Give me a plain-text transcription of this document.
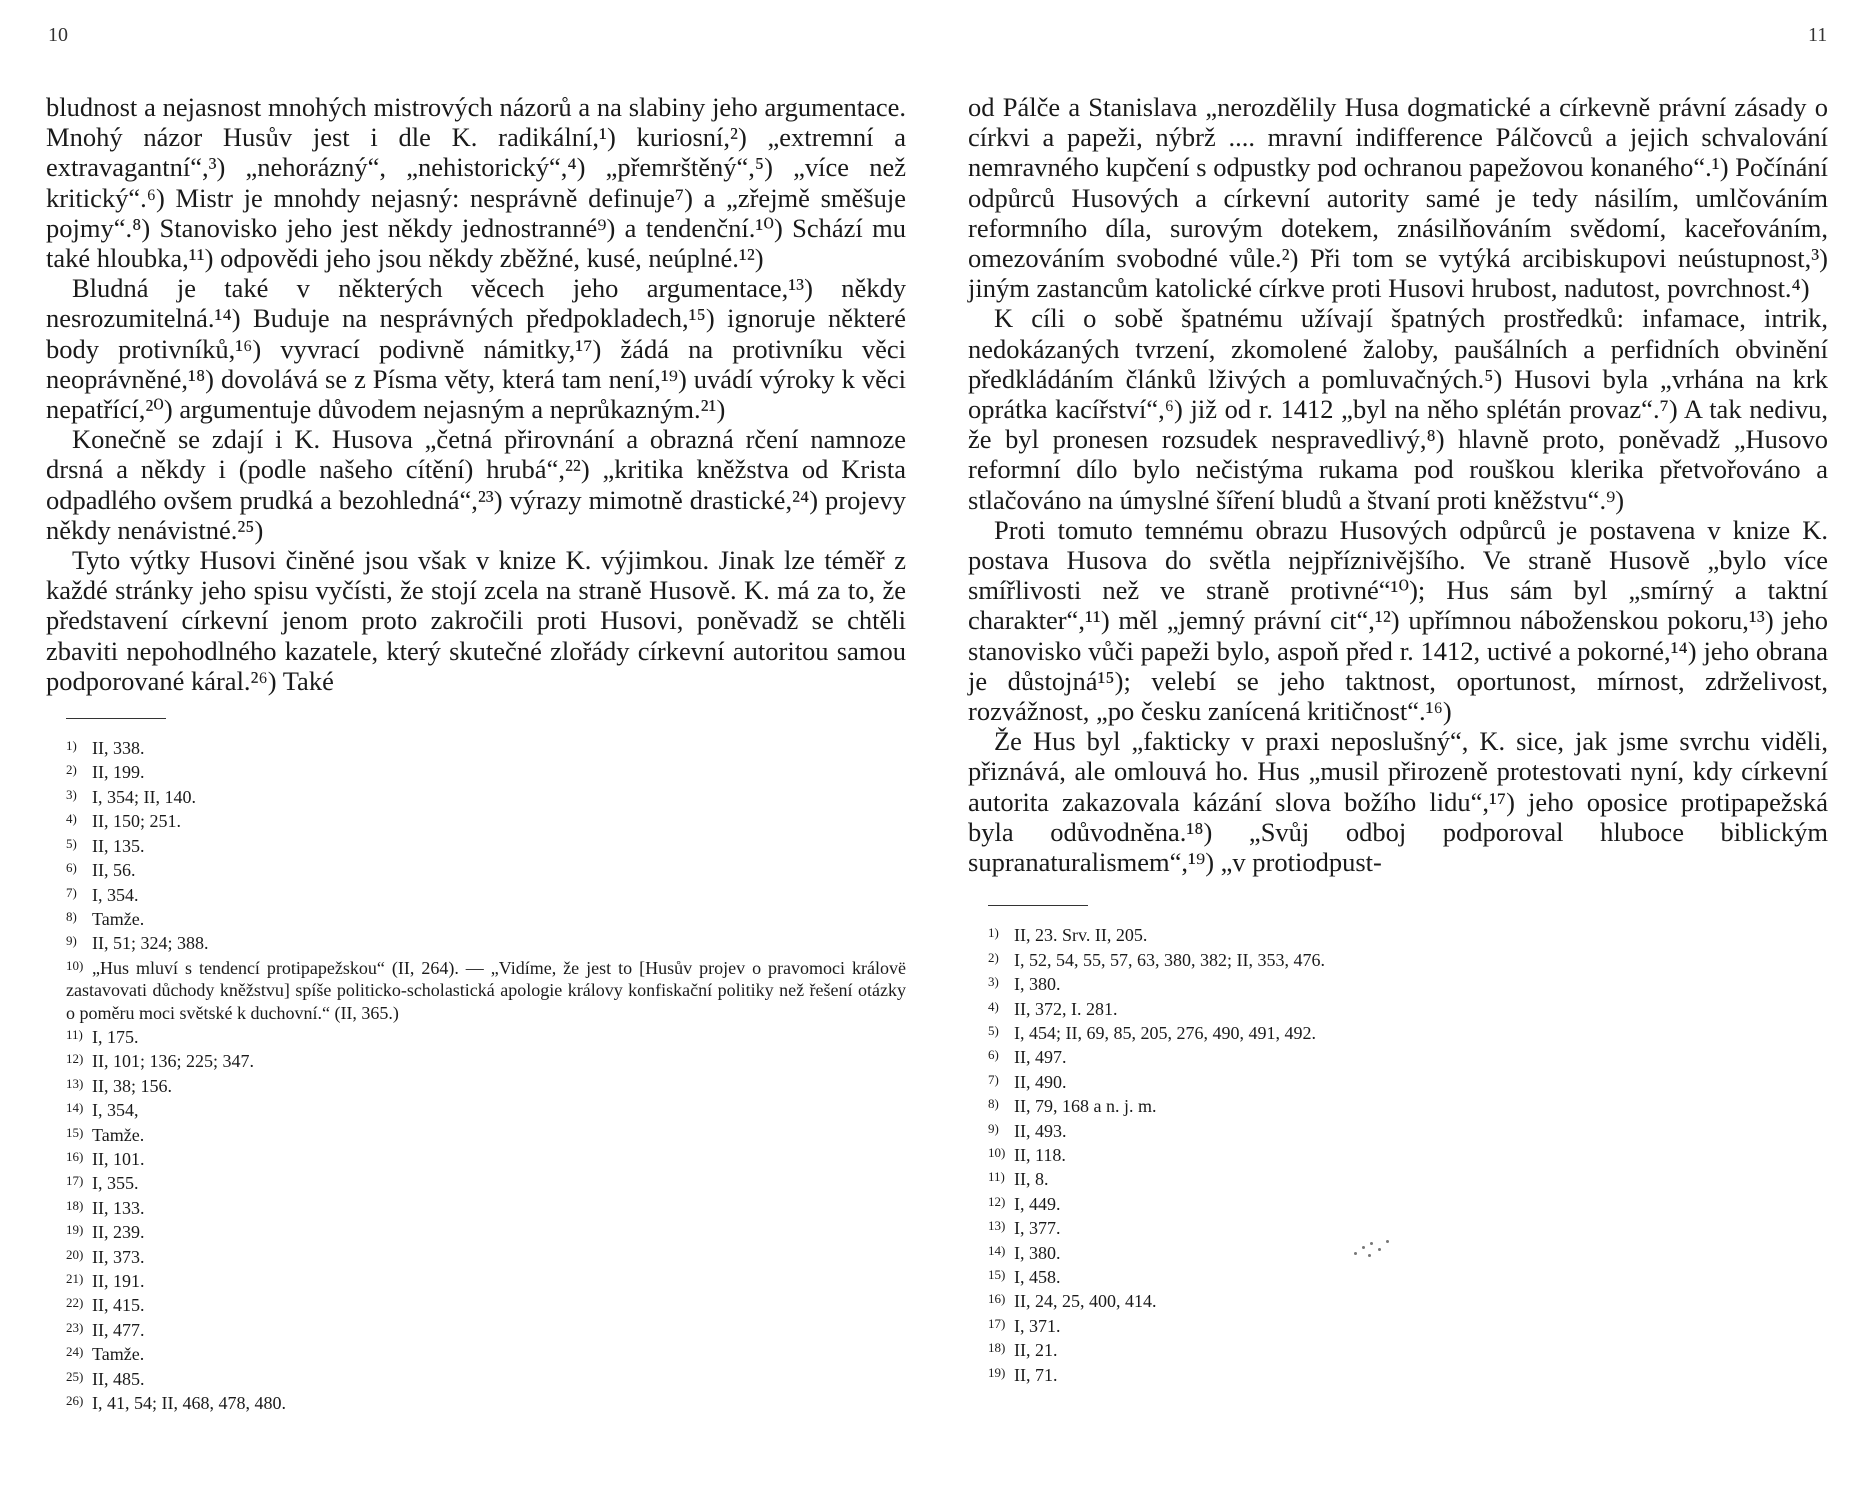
10	11

bludnost a nejasnost mnohých mistrových názorů a na slabiny jeho argumentace. Mnohý názor Husův jest i dle K. radikální,¹) kuriosní,²) „extremní a extravagantní“,³) „nehorázný“, „nehistorický“,⁴) „přemrštěný“,⁵) „více než kritický“.⁶) Mistr je mnohdy nejasný: nesprávně definuje⁷) a „zřejmě směšuje pojmy“.⁸) Stanovisko jeho jest někdy jednostranné⁹) a tendenční.¹⁰) Schází mu také hloubka,¹¹) odpovědi jeho jsou někdy zběžné, kusé, neúplné.¹²)

Bludná je také v některých věcech jeho argumentace,¹³) někdy nesrozumitelná.¹⁴) Buduje na nesprávných předpokladech,¹⁵) ignoruje některé body protivníků,¹⁶) vyvrací podivně námitky,¹⁷) žádá na protivníku věci neoprávněné,¹⁸) dovolává se z Písma věty, která tam není,¹⁹) uvádí výroky k věci nepatřící,²⁰) argumentuje důvodem nejasným a neprůkazným.²¹)

Konečně se zdají i K. Husova „četná přirovnání a obrazná rčení namnoze drsná a někdy i (podle našeho cítění) hrubá“,²²) „kritika kněžstva od Krista odpadlého ovšem prudká a bezohledná“,²³) výrazy mimotně drastické,²⁴) projevy někdy nenávistné.²⁵)

Tyto výtky Husovi činěné jsou však v knize K. výjimkou. Jinak lze téměř z každé stránky jeho spisu vyčísti, že stojí zcela na straně Husově. K. má za to, že představení církevní jenom proto zakročili proti Husovi, poněvadž se chtěli zbaviti nepohodlného kazatele, který skutečné zlořády církevní autoritou samou podporované káral.²⁶) Také

1) II, 338.
2) II, 199.
3) I, 354; II, 140.
4) II, 150; 251.
5) II, 135.
6) II, 56.
7) I, 354.
8) Tamže.
9) II, 51; 324; 388.
10) „Hus mluví s tendencí protipapežskou“ (II, 264). — „Vidíme, že jest to [Husův projev o pravomoci královë zastavovati důchody kněžstvu] spíše politicko-scholastická apologie královy konfiskační politiky než řešení otázky o poměru moci světské k duchovní.“ (II, 365.)
11) I, 175.
12) II, 101; 136; 225; 347.
13) II, 38; 156.
14) I, 354,
15) Tamže.
16) II, 101.
17) I, 355.
18) II, 133.
19) II, 239.
20) II, 373.
21) II, 191.
22) II, 415.
23) II, 477.
24) Tamže.
25) II, 485.
26) I, 41, 54; II, 468, 478, 480.

od Pálče a Stanislava „nerozdělily Husa dogmatické a církevně právní zásady o církvi a papeži, nýbrž .... mravní indifference Pálčovců a jejich schvalování nemravného kupčení s odpustky pod ochranou papežovou konaného“.¹) Počínání odpůrců Husových a církevní autority samé je tedy násilím, umlčováním reformního díla, surovým dotekem, znásilňováním svědomí, kaceřováním, omezováním svobodné vůle.²) Při tom se vytýká arcibiskupovi neústupnost,³) jiným zastancům katolické církve proti Husovi hrubost, nadutost, povrchnost.⁴)

K cíli o sobě špatnému užívají špatných prostředků: infamace, intrik, nedokázaných tvrzení, zkomolené žaloby, paušálních a perfidních obvinění předkládáním článků lživých a pomluvačných.⁵) Husovi byla „vrhána na krk oprátka kacířství“,⁶) již od r. 1412 „byl na něho splétán provaz“.⁷) A tak nedivu, že byl pronesen rozsudek nespravedlivý,⁸) hlavně proto, poněvadž „Husovo reformní dílo bylo nečistýma rukama pod rouškou klerika přetvořováno a stlačováno na úmyslné šíření bludů a štvaní proti kněžstvu“.⁹)

Proti tomuto temnému obrazu Husových odpůrců je postavena v knize K. postava Husova do světla nejpříznivějšího. Ve straně Husově „bylo více smířlivosti než ve straně protivné“¹⁰); Hus sám byl „smírný a taktní charakter“,¹¹) měl „jemný právní cit“,¹²) upřímnou náboženskou pokoru,¹³) jeho stanovisko vůči papeži bylo, aspoň před r. 1412, uctivé a pokorné,¹⁴) jeho obrana je důstojná¹⁵); velebí se jeho taktnost, oportunost, mírnost, zdrželivost, rozvážnost, „po česku zanícená kritičnost“.¹⁶)

Že Hus byl „fakticky v praxi neposlušný“, K. sice, jak jsme svrchu viděli, přiznává, ale omlouvá ho. Hus „musil přirozeně protestovati nyní, kdy církevní autorita zakazovala kázání slova božího lidu“,¹⁷) jeho oposice protipapežská byla odůvodněna.¹⁸) „Svůj odboj podporoval hluboce biblickým supranaturalismem“,¹⁹) „v protiodpust-

1) II, 23. Srv. II, 205.
2) I, 52, 54, 55, 57, 63, 380, 382; II, 353, 476.
3) I, 380.
4) II, 372, I. 281.
5) I, 454; II, 69, 85, 205, 276, 490, 491, 492.
6) II, 497.
7) II, 490.
8) II, 79, 168 a n. j. m.
9) II, 493.
10) II, 118.
11) II, 8.
12) I, 449.
13) I, 377.
14) I, 380.
15) I, 458.
16) II, 24, 25, 400, 414.
17) I, 371.
18) II, 21.
19) II, 71.
